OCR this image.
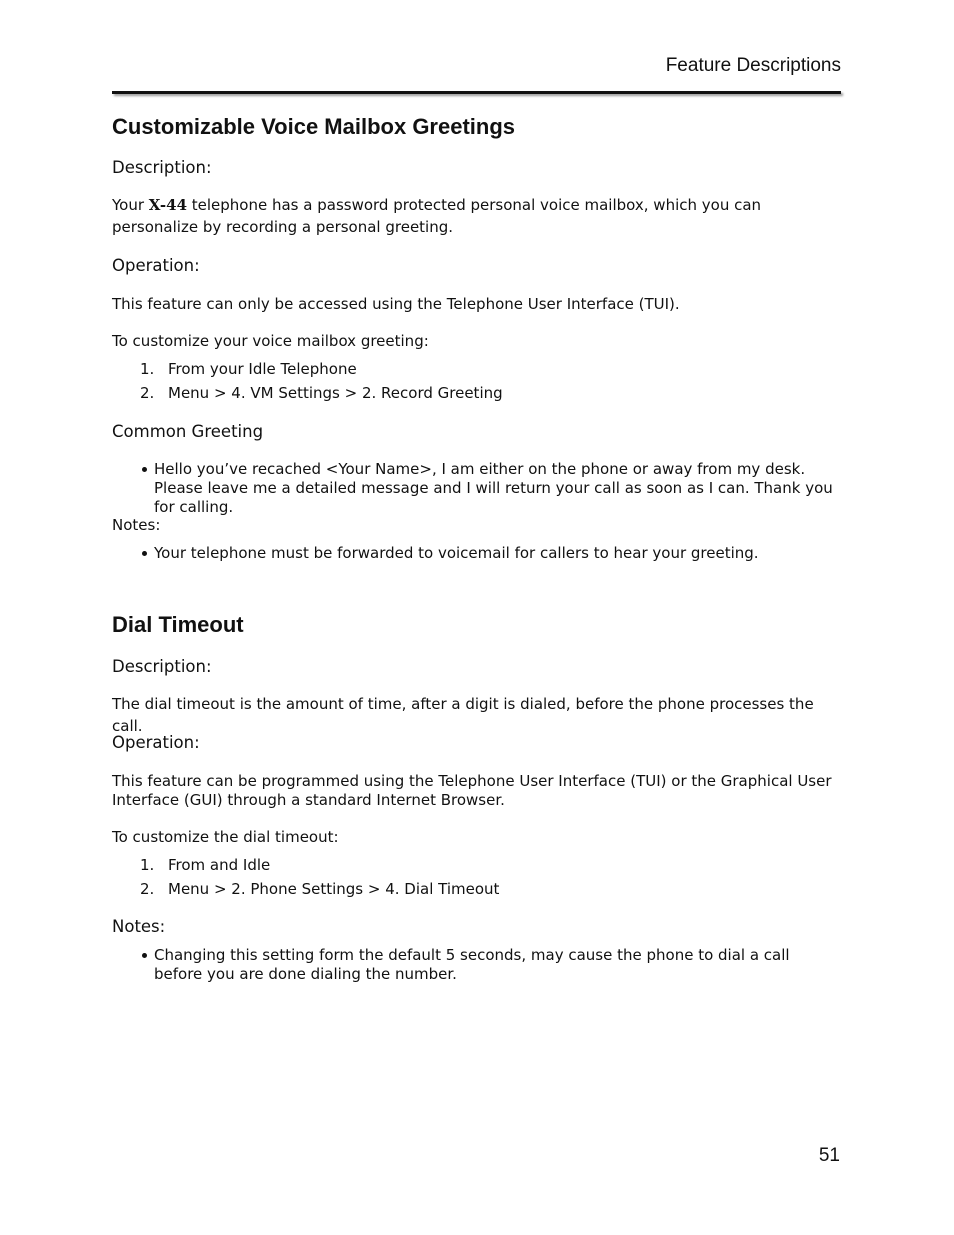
Feature Descriptions
Customizable Voice Mailbox Greetings
Description:
Your X-44 telephone has a password protected personal voice mailbox, which you can personalize by recording a personal greeting.
Operation:
This feature can only be accessed using the Telephone User Interface (TUI).
To customize your voice mailbox greeting:
1. From your Idle Telephone
2. Menu > 4. VM Settings > 2. Record Greeting
Common Greeting
Hello you’ve recached <Your Name>, I am either on the phone or away from my desk. Please leave me a detailed message and I will return your call as soon as I can. Thank you for calling.
Notes:
Your telephone must be forwarded to voicemail for callers to hear your greeting.
Dial Timeout
Description:
The dial timeout is the amount of time, after a digit is dialed, before the phone processes the call.
Operation:
This feature can be programmed using the Telephone User Interface (TUI) or the Graphical User Interface (GUI) through a standard Internet Browser.
To customize the dial timeout:
1. From and Idle
2. Menu > 2. Phone Settings > 4. Dial Timeout
Notes:
Changing this setting form the default 5 seconds, may cause the phone to dial a call before you are done dialing the number.
51
